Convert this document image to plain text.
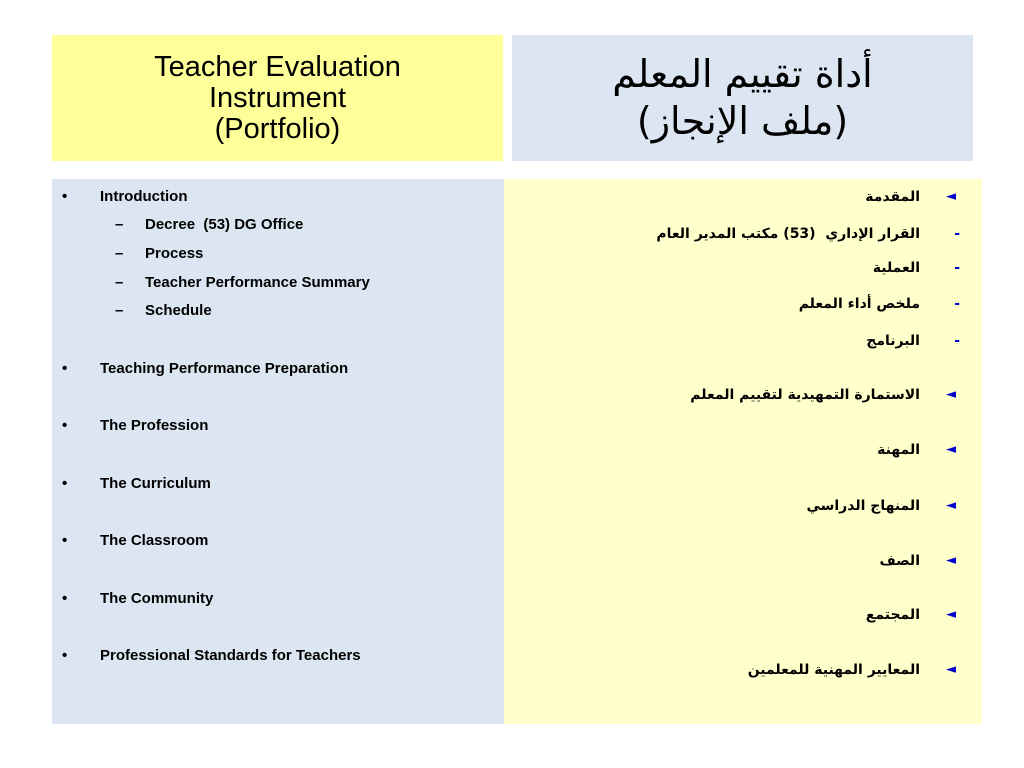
Teacher Evaluation
Instrument
(Portfolio)
أداة تقييم المعلم
(ملف الإنجاز)
• Introduction
– Decree  (53) DG Office
– Process
– Teacher Performance Summary
– Schedule
• Teaching Performance Preparation
• The Profession
• The Curriculum
• The Classroom
• The Community
• Professional Standards for Teachers
◄
المقدمة
-
القرار الإداري  (53) مكتب المدير العام
-
العملية
-
ملخص أداء المعلم
-
البرنامج
◄
الاستمارة التمهيدية لتقييم المعلم
◄
المهنة
◄
المنهاج الدراسي
◄
الصف
◄
المجتمع
◄
المعايير المهنية للمعلمين
